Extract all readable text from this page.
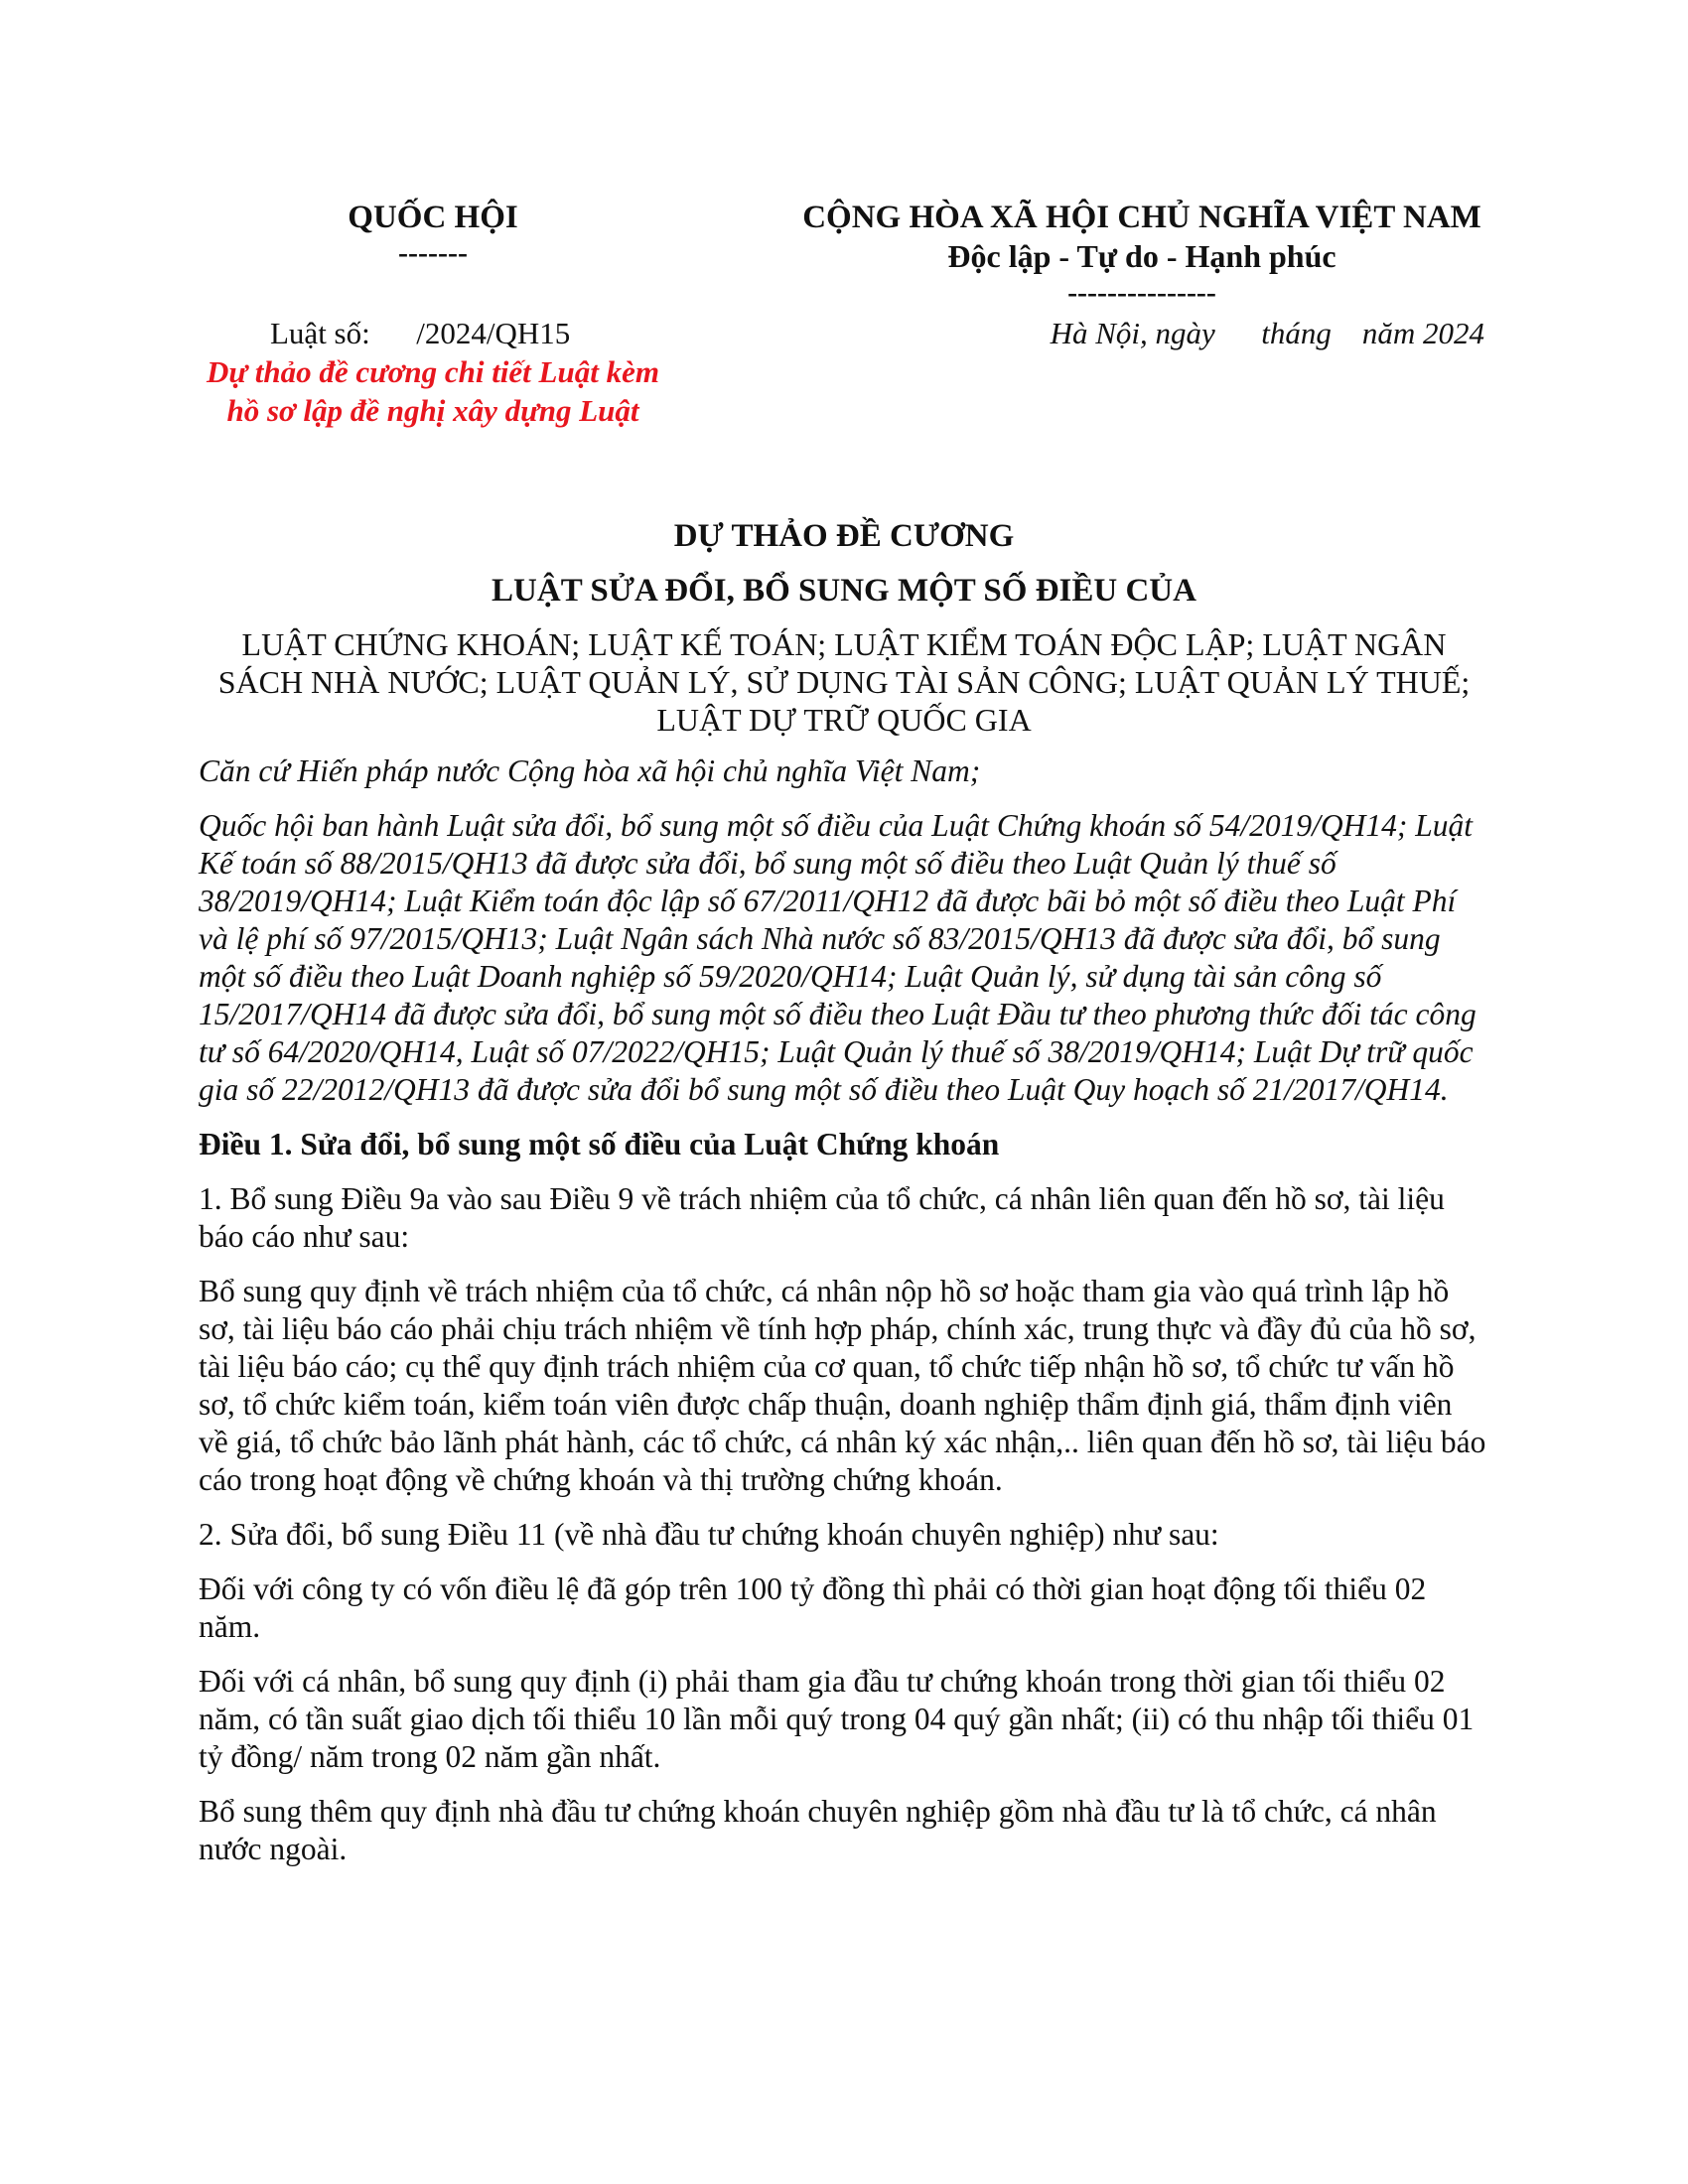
QUỐC HỘI
-------
CỘNG HÒA XÃ HỘI CHỦ NGHĨA VIỆT NAM
Độc lập - Tự do - Hạnh phúc
---------------
Luật số:      /2024/QH15
Dự thảo đề cương chi tiết Luật kèm hồ sơ lập đề nghị xây dựng Luật
Hà Nội, ngày      tháng    năm 2024
DỰ THẢO ĐỀ CƯƠNG
LUẬT SỬA ĐỔI, BỔ SUNG MỘT SỐ ĐIỀU CỦA
LUẬT CHỨNG KHOÁN; LUẬT KẾ TOÁN; LUẬT KIỂM TOÁN ĐỘC LẬP; LUẬT NGÂN SÁCH NHÀ NƯỚC; LUẬT QUẢN LÝ, SỬ DỤNG TÀI SẢN CÔNG; LUẬT QUẢN LÝ THUẾ; LUẬT DỰ TRỮ QUỐC GIA

Căn cứ Hiến pháp nước Cộng hòa xã hội chủ nghĩa Việt Nam;

Quốc hội ban hành Luật sửa đổi, bổ sung một số điều của Luật Chứng khoán số 54/2019/QH14; Luật Kế toán số 88/2015/QH13 đã được sửa đổi, bổ sung một số điều theo Luật Quản lý thuế số 38/2019/QH14; Luật Kiểm toán độc lập số 67/2011/QH12 đã được bãi bỏ một số điều theo Luật Phí và lệ phí số 97/2015/QH13; Luật Ngân sách Nhà nước số 83/2015/QH13 đã được sửa đổi, bổ sung một số điều theo Luật Doanh nghiệp số 59/2020/QH14; Luật Quản lý, sử dụng tài sản công số 15/2017/QH14 đã được sửa đổi, bổ sung một số điều theo Luật Đầu tư theo phương thức đối tác công tư số 64/2020/QH14, Luật số 07/2022/QH15; Luật Quản lý thuế số 38/2019/QH14; Luật Dự trữ quốc gia số 22/2012/QH13 đã được sửa đổi bổ sung một số điều theo Luật Quy hoạch số 21/2017/QH14.

Điều 1. Sửa đổi, bổ sung một số điều của Luật Chứng khoán

1. Bổ sung Điều 9a vào sau Điều 9 về trách nhiệm của tổ chức, cá nhân liên quan đến hồ sơ, tài liệu báo cáo như sau:

Bổ sung quy định về trách nhiệm của tổ chức, cá nhân nộp hồ sơ hoặc tham gia vào quá trình lập hồ sơ, tài liệu báo cáo phải chịu trách nhiệm về tính hợp pháp, chính xác, trung thực và đầy đủ của hồ sơ, tài liệu báo cáo; cụ thể quy định trách nhiệm của cơ quan, tổ chức tiếp nhận hồ sơ, tổ chức tư vấn hồ sơ, tổ chức kiểm toán, kiểm toán viên được chấp thuận, doanh nghiệp thẩm định giá, thẩm định viên về giá, tổ chức bảo lãnh phát hành, các tổ chức, cá nhân ký xác nhận,.. liên quan đến hồ sơ, tài liệu báo cáo trong hoạt động về chứng khoán và thị trường chứng khoán.

2. Sửa đổi, bổ sung Điều 11 (về nhà đầu tư chứng khoán chuyên nghiệp) như sau:

Đối với công ty có vốn điều lệ đã góp trên 100 tỷ đồng thì phải có thời gian hoạt động tối thiểu 02 năm.

Đối với cá nhân, bổ sung quy định (i) phải tham gia đầu tư chứng khoán trong thời gian tối thiểu 02 năm, có tần suất giao dịch tối thiểu 10 lần mỗi quý trong 04 quý gần nhất; (ii) có thu nhập tối thiểu 01 tỷ đồng/ năm trong 02 năm gần nhất.

Bổ sung thêm quy định nhà đầu tư chứng khoán chuyên nghiệp gồm nhà đầu tư là tổ chức, cá nhân nước ngoài.
